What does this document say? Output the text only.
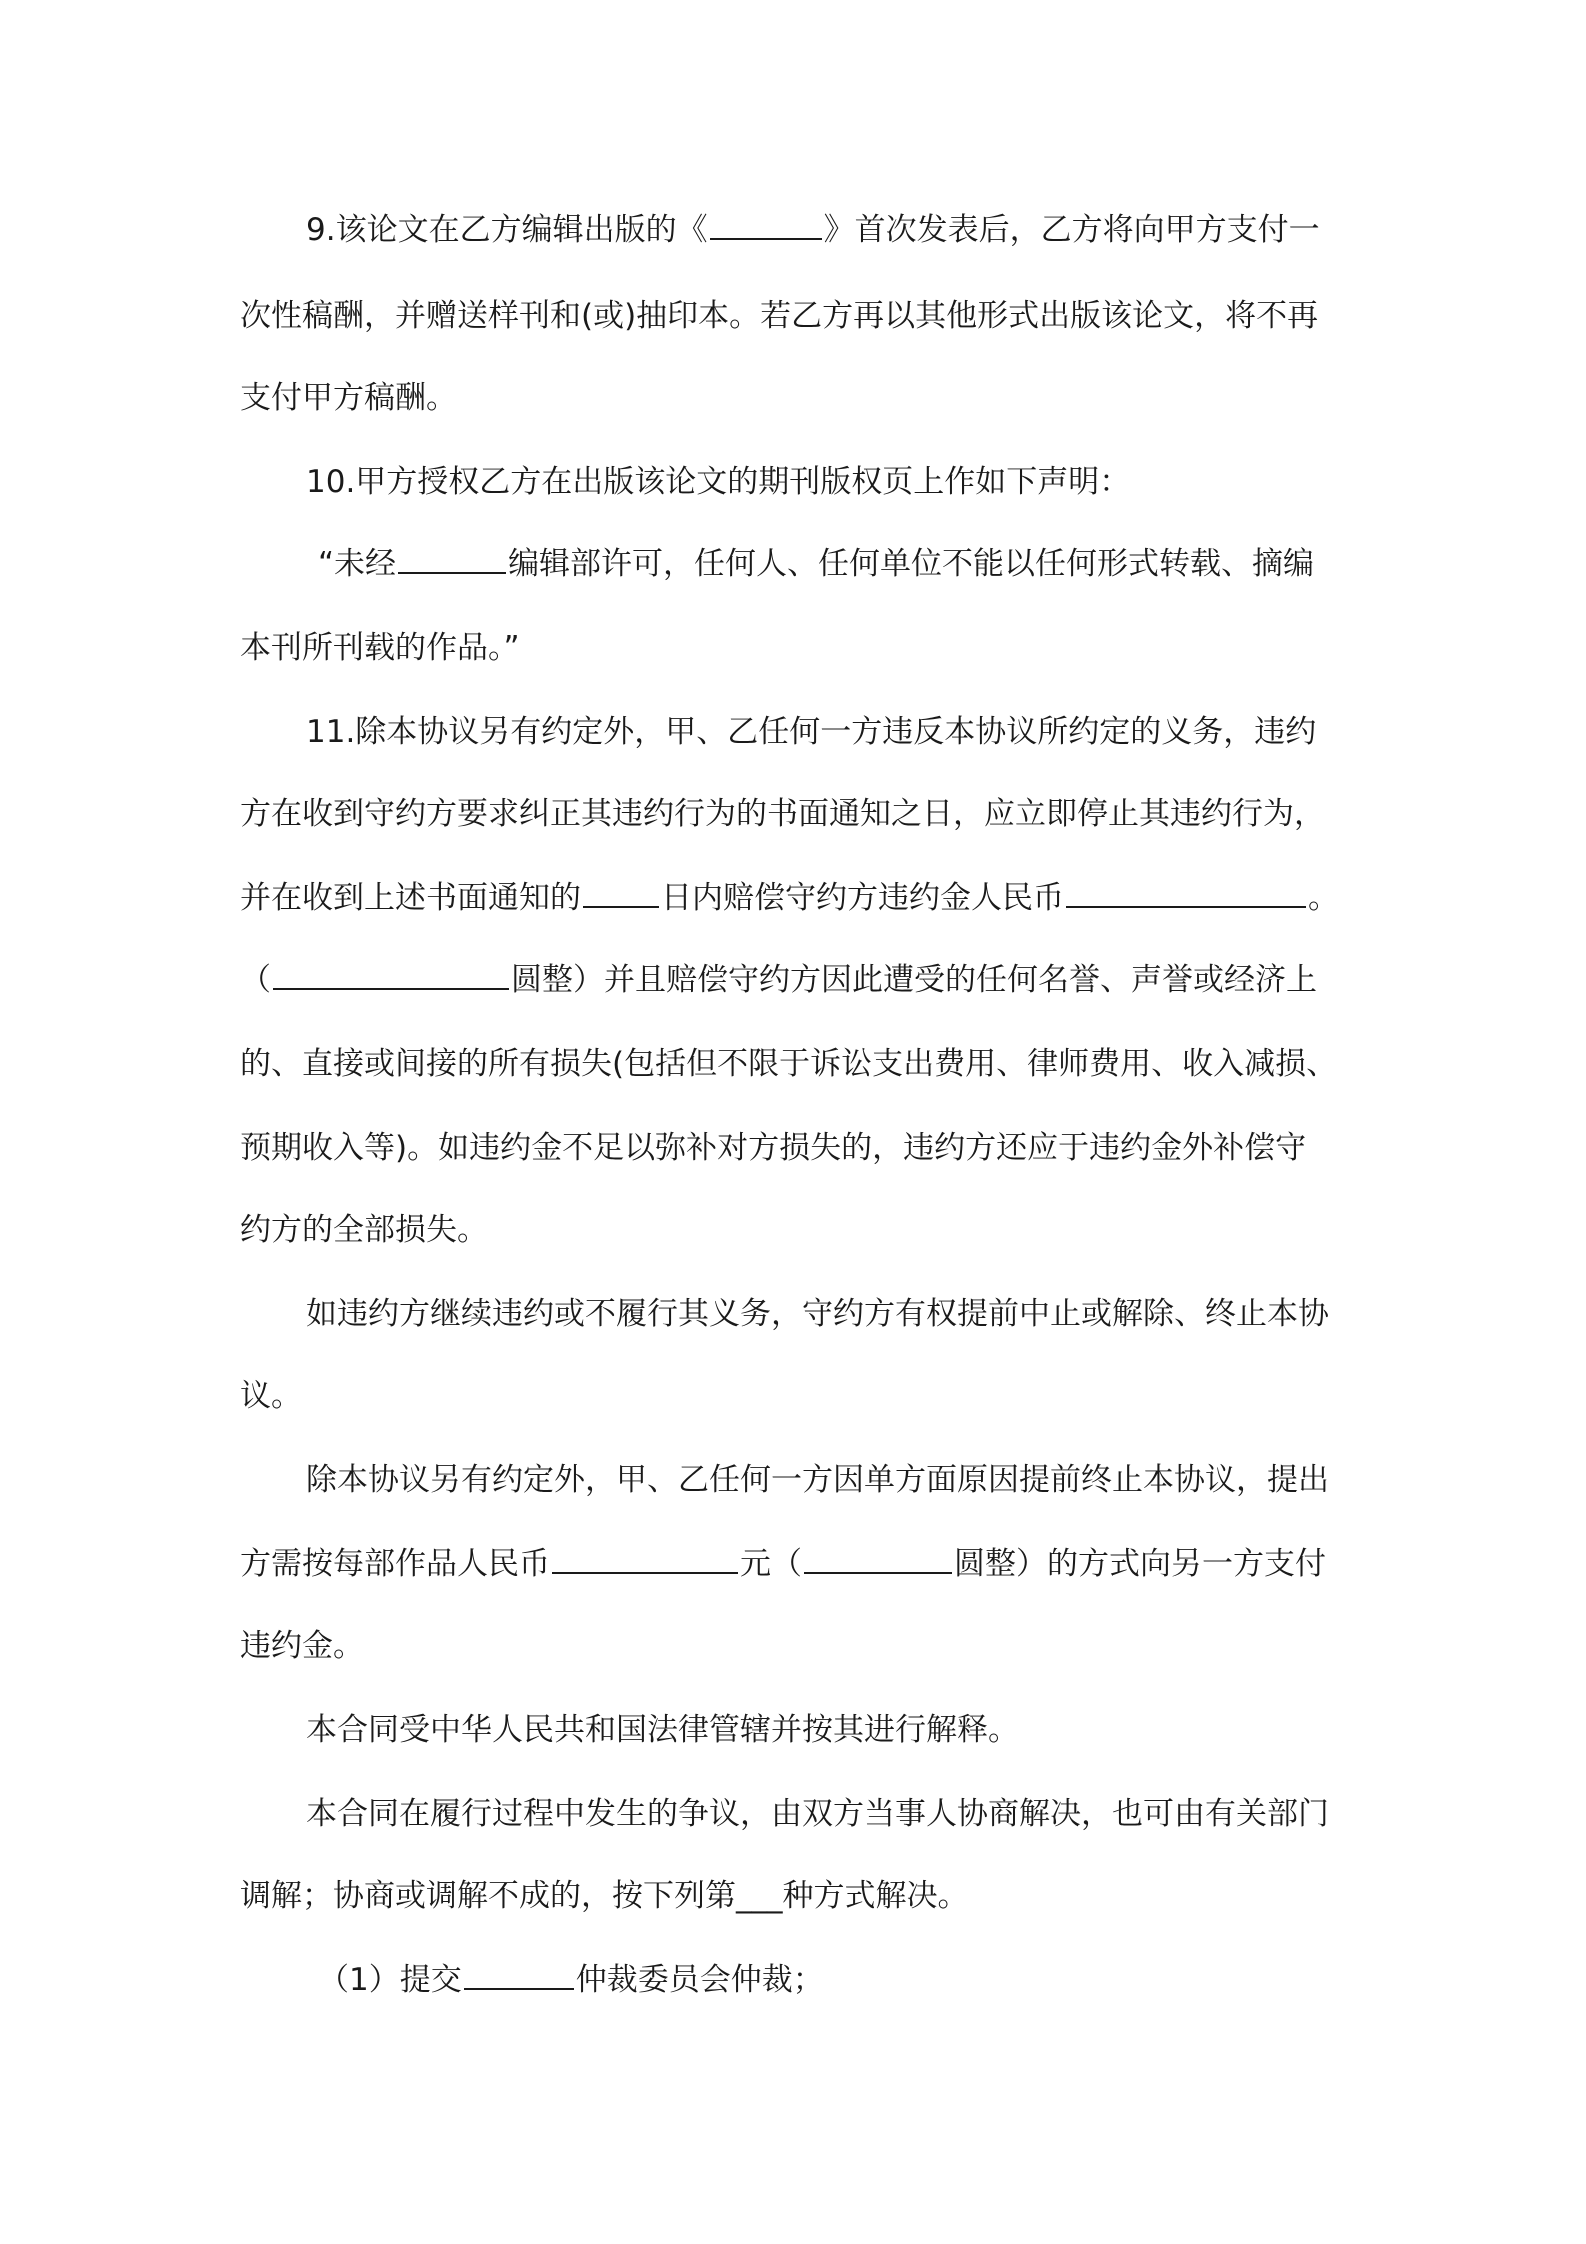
9.该论文在乙方编辑出版的《	》首次发表后，乙方将向甲方支付一
次性稿酬，并赠送样刊和(或)抽印本。若乙方再以其他形式出版该论文，将不再
支付甲方稿酬。
10.甲方授权乙方在出版该论文的期刊版权页上作如下声明：
“未经	编辑部许可，任何人、任何单位不能以任何形式转载、摘编
本刊所刊载的作品。”
11.除本协议另有约定外，甲、乙任何一方违反本协议所约定的义务，违约
方在收到守约方要求纠正其违约行为的书面通知之日，应立即停止其违约行为，
并在收到上述书面通知的	日内赔偿守约方违约金人民币	。
（	圆整）并且赔偿守约方因此遭受的任何名誉、声誉或经济上
的、直接或间接的所有损失(包括但不限于诉讼支出费用、律师费用、收入减损、
预期收入等)。如违约金不足以弥补对方损失的，违约方还应于违约金外补偿守
约方的全部损失。
如违约方继续违约或不履行其义务，守约方有权提前中止或解除、终止本协
议。
除本协议另有约定外，甲、乙任何一方因单方面原因提前终止本协议，提出
方需按每部作品人民币	元（	圆整）的方式向另一方支付
违约金。
本合同受中华人民共和国法律管辖并按其进行解释。
本合同在履行过程中发生的争议，由双方当事人协商解决，也可由有关部门
调解；协商或调解不成的，按下列第___种方式解决。
（1）提交	仲裁委员会仲裁；
